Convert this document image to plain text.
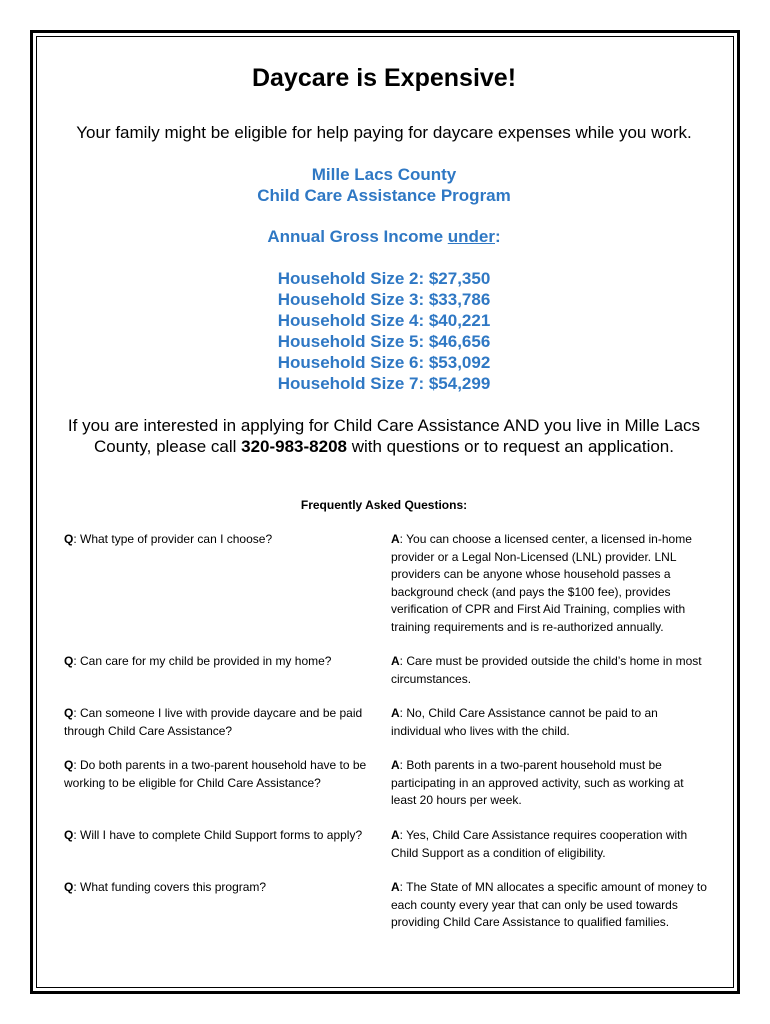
Daycare is Expensive!
Your family might be eligible for help paying for daycare expenses while you work.
Mille Lacs County
Child Care Assistance Program
Annual Gross Income under:
Household Size 2: $27,350
Household Size 3: $33,786
Household Size 4: $40,221
Household Size 5: $46,656
Household Size 6: $53,092
Household Size 7: $54,299
If you are interested in applying for Child Care Assistance AND you live in Mille Lacs County, please call 320-983-8208 with questions or to request an application.
Frequently Asked Questions:
Q: What type of provider can I choose?	A: You can choose a licensed center, a licensed in-home provider or a Legal Non-Licensed (LNL) provider. LNL providers can be anyone whose household passes a background check (and pays the $100 fee), provides verification of CPR and First Aid Training, complies with training requirements and is re-authorized annually.
Q: Can care for my child be provided in my home?	A: Care must be provided outside the child’s home in most circumstances.
Q: Can someone I live with provide daycare and be paid through Child Care Assistance?
A: No, Child Care Assistance cannot be paid to an individual who lives with the child.
Q: Do both parents in a two-parent household have to be working to be eligible for Child Care Assistance?
A: Both parents in a two-parent household must be participating in an approved activity, such as working at least 20 hours per week.
Q: Will I have to complete Child Support forms to apply?	A: Yes, Child Care Assistance requires cooperation with Child Support as a condition of eligibility.
Q: What funding covers this program?	A: The State of MN allocates a specific amount of money to each county every year that can only be used towards providing Child Care Assistance to qualified families.
